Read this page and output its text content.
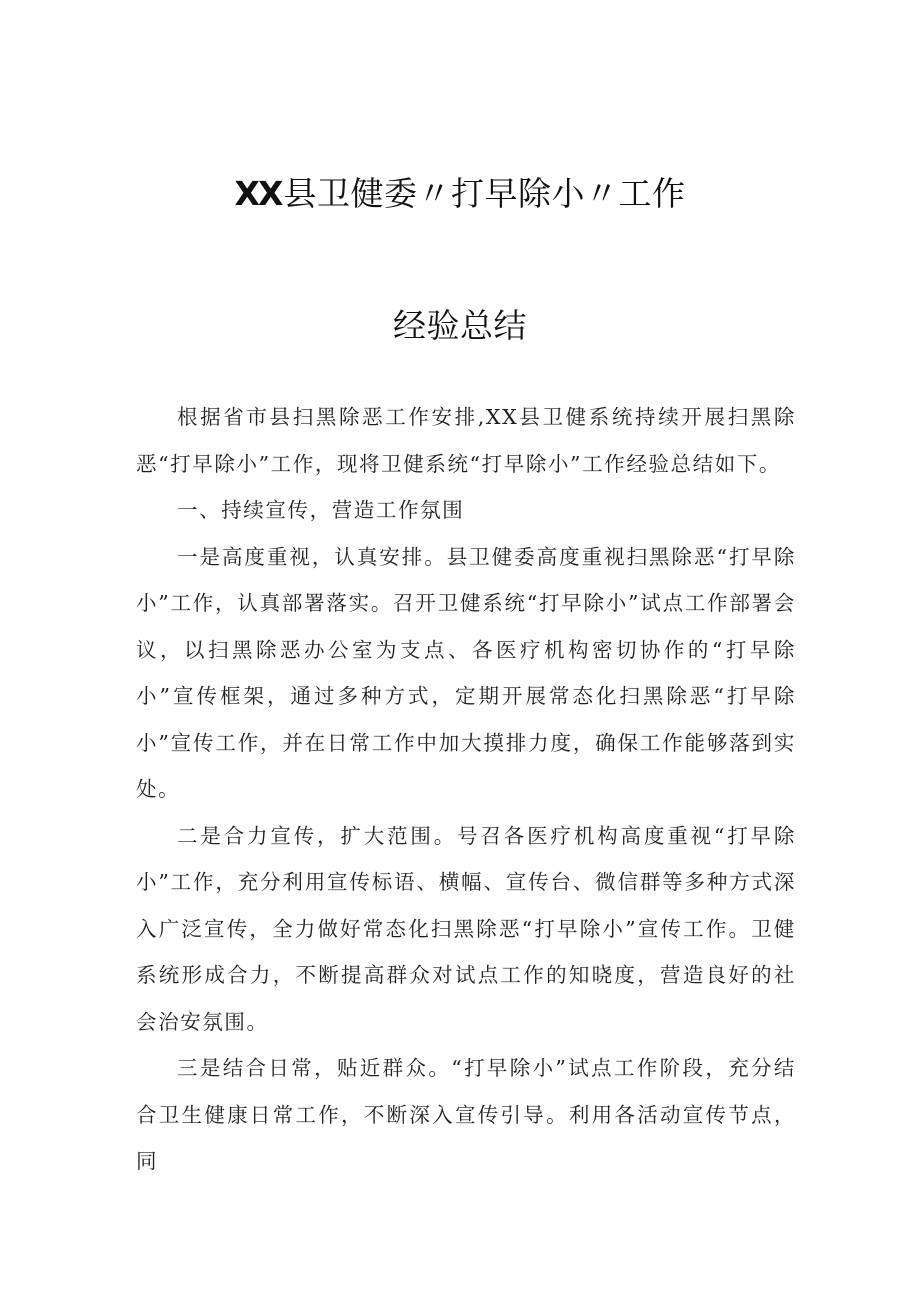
XX县卫健委〃打早除小〃工作
经验总结

根据省市县扫黑除恶工作安排,XX县卫健系统持续开展扫黑除恶“打早除小”工作，现将卫健系统“打早除小”工作经验总结如下。

一、持续宣传，营造工作氛围

一是高度重视，认真安排。县卫健委高度重视扫黑除恶“打早除小”工作，认真部署落实。召开卫健系统“打早除小”试点工作部署会议，以扫黑除恶办公室为支点、各医疗机构密切协作的“打早除小”宣传框架，通过多种方式，定期开展常态化扫黑除恶“打早除小”宣传工作，并在日常工作中加大摸排力度，确保工作能够落到实处。

二是合力宣传，扩大范围。号召各医疗机构高度重视“打早除小”工作，充分利用宣传标语、横幅、宣传台、微信群等多种方式深入广泛宣传，全力做好常态化扫黑除恶“打早除小”宣传工作。卫健系统形成合力，不断提高群众对试点工作的知晓度，营造良好的社会治安氛围。

三是结合日常，贴近群众。“打早除小”试点工作阶段，充分结合卫生健康日常工作，不断深入宣传引导。利用各活动宣传节点，同
